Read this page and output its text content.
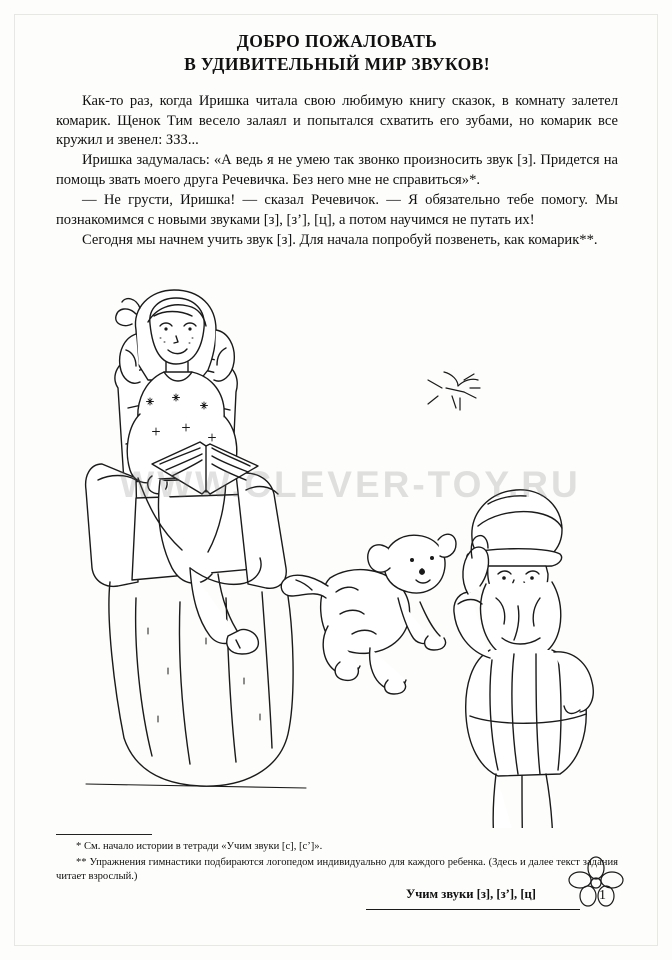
ДОБРО ПОЖАЛОВАТЬ
В УДИВИТЕЛЬНЫЙ МИР ЗВУКОВ!

Как-то раз, когда Иришка читала свою любимую книгу сказок, в комнату залетел комарик. Щенок Тим весело залаял и попытался схватить его зубами, но комарик все кружил и звенел: ЗЗЗ...

Иришка задумалась: «А ведь я не умею так звонко произносить звук [з]. Придется на помощь звать моего друга Речевичка. Без него мне не справиться»*.

— Не грусти, Иришка! — сказал Речевичок. — Я обязательно тебе помогу. Мы познакомимся с новыми звуками [з], [з’], [ц], а потом научимся не путать их!

Сегодня мы начнем учить звук [з]. Для начала попробуй позвенеть, как комарик**.

WWW.CLEVER-TOY.RU

* См. начало истории в тетради «Учим звуки [с], [с’]».

** Упражнения гимнастики подбираются логопедом индивидуально для каждого ребенка. (Здесь и далее текст задания читает взрослый.)

Учим звуки [з], [з’], [ц]	1
